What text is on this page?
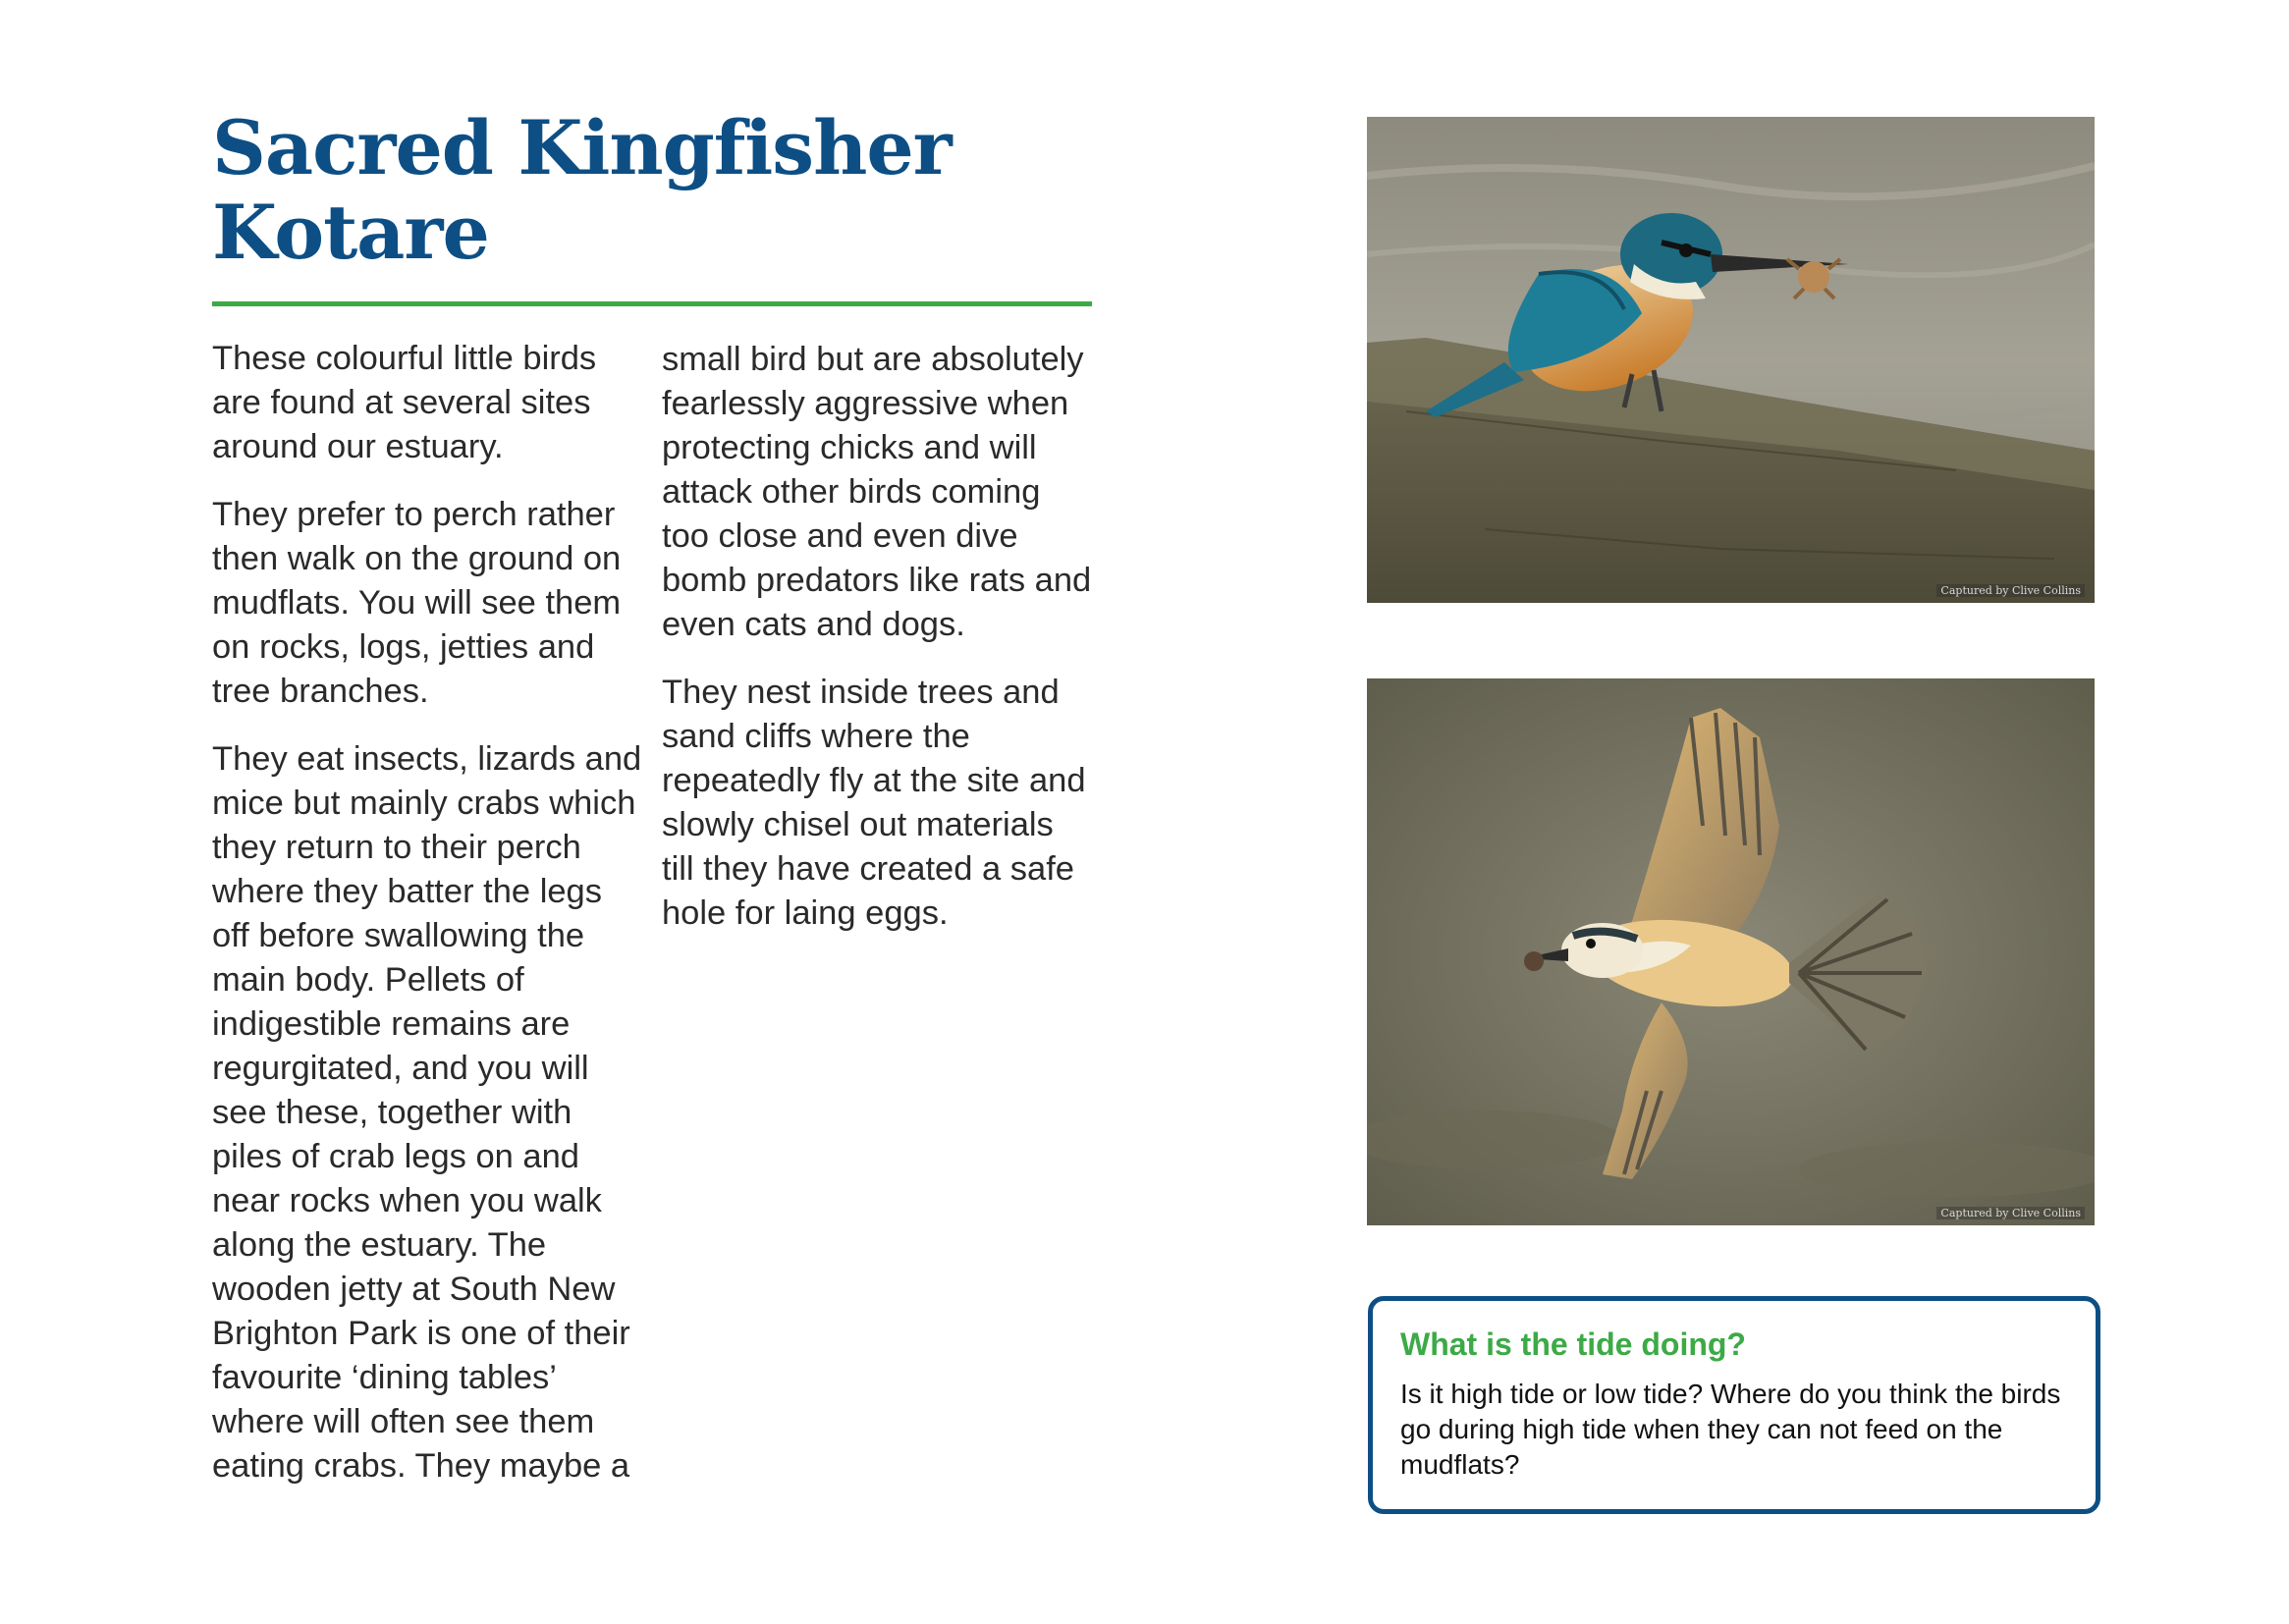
Sacred Kingfisher
Kotare

These colourful little birds are found at several sites around our estuary.

They prefer to perch rather then walk on the ground on mudflats. You will see them on rocks, logs, jetties and tree branches.

They eat insects, lizards and mice but mainly crabs which they return to their perch where they batter the legs off before swallowing the main body. Pellets of indigestible remains are regurgitated, and you will see these, together with piles of crab legs on and near rocks when you walk along the estuary. The wooden jetty at South New Brighton Park is one of their favourite ‘dining tables’ where will often see them eating crabs. They maybe a

small bird but are absolutely fearlessly aggressive when protecting chicks and will attack other birds coming too close and even dive bomb predators like rats and even cats and dogs.

They nest inside trees and sand cliffs where the repeatedly fly at the site and slowly chisel out materials till they have created a safe hole for laing eggs.

Captured by Clive Collins
Captured by Clive Collins
What is the tide doing?
Is it high tide or low tide? Where do you think the birds go during high tide when they can not feed on the mudflats?
